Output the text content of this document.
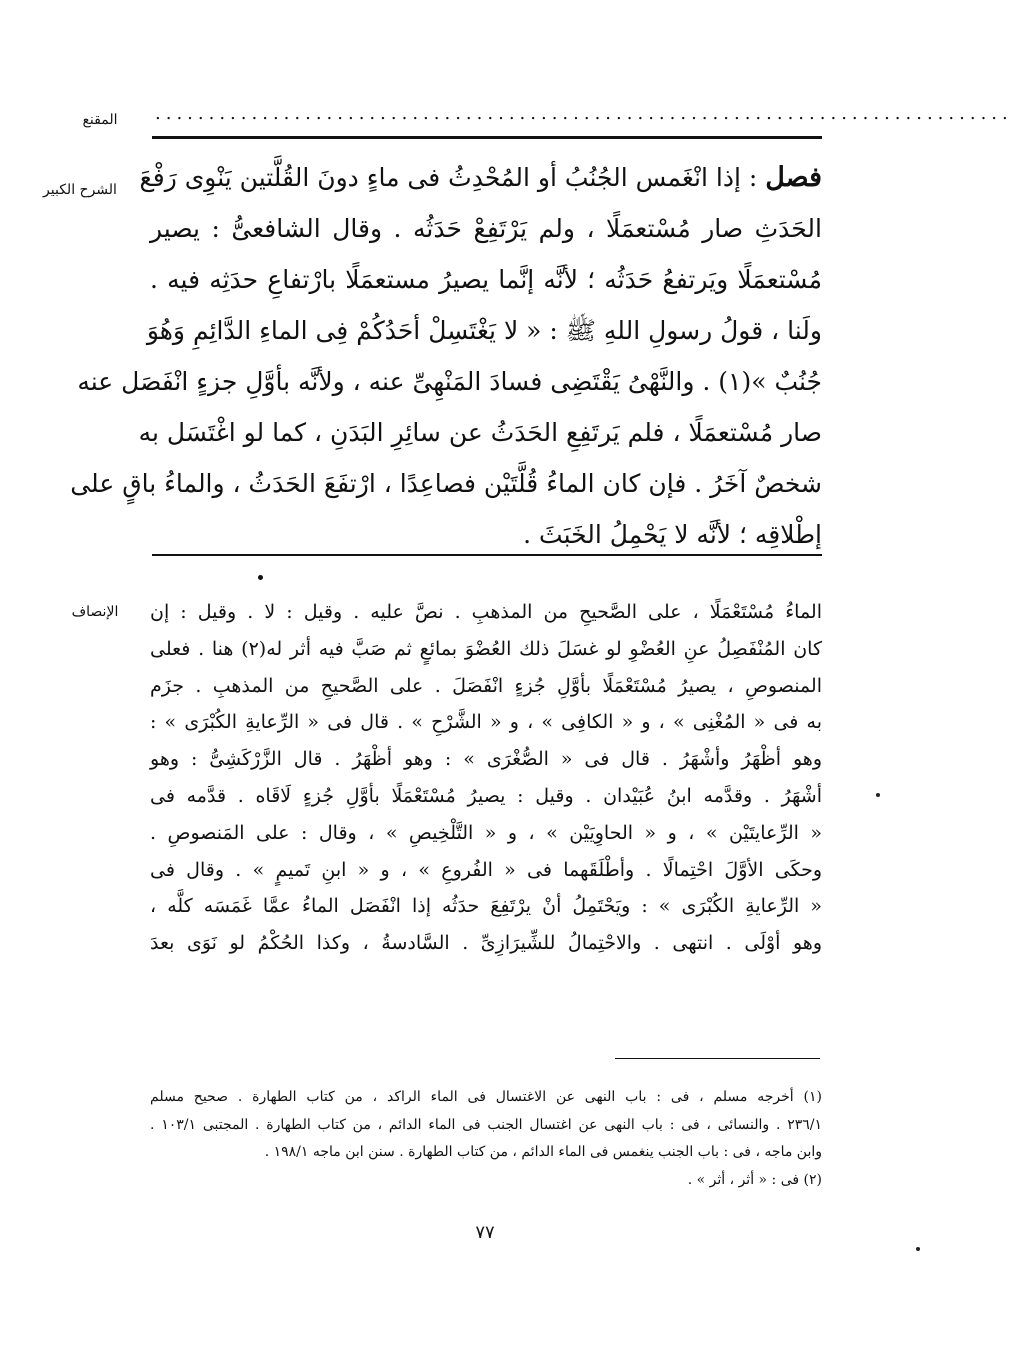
المقنع	................................................................................
الشرح الكبير	فصل : إذا انْغَمس الجُنُبُ أو المُحْدِثُ فى ماءٍ دونَ القُلَّتين يَنْوِى رَفْعَ
الحَدَثِ صار مُسْتعمَلًا ، ولم يَرْتَفِعْ حَدَثُه . وقال الشافعىُّ : يصير
مُسْتعمَلًا ويَرتفعُ حَدَثُه ؛ لأنَّه إنَّما يصيرُ مستعمَلًا بارْتفاعِ حدَثِه فيه .
ولَنا ، قولُ رسولِ اللهِ ﷺ : « لا يَغْتَسِلْ أحَدُكُمْ فِى الماءِ الدَّائِمِ وَهُوَ
جُنُبٌ »(١) . والنَّهْىُ يَقْتَضِى فسادَ المَنْهِىِّ عنه ، ولأنَّه بأوَّلِ جزءٍ انْفَصَل عنه
صار مُسْتعمَلًا ، فلم يَرتَفِعِ الحَدَثُ عن سائِرِ البَدَنِ ، كما لو اغْتَسَل به
شخصٌ آخَرُ . فإن كان الماءُ قُلَّتَيْن فصاعِدًا ، ارْتفَعَ الحَدَثُ ، والماءُ باقٍ على
إطْلاقِه ؛ لأنَّه لا يَحْمِلُ الخَبَثَ .
الإنصاف	الماءُ مُسْتَعْمَلًا ، على الصَّحيحِ من المذهبِ . نصَّ عليه . وقيل : لا . وقيل : إن
كان المُنْفَصِلُ عنِ العُضْوِ لو غسَلَ ذلك العُضْوَ بمائعٍ ثم صَبَّ فيه أثر له(٢) هنا . فعلى
المنصوصِ ، يصيرُ مُسْتَعْمَلًا بأوَّلِ جُزءٍ انْفَصَلَ . على الصَّحيحِ من المذهبِ . جزَم
به فى « المُغْنِى » ، و « الكافِى » ، و « الشَّرْحِ » . قال فى « الرِّعايةِ الكُبْرَى » :
وهو أظْهَرُ وأشْهَرُ . قال فى « الصُّغْرَى » : وهو أظْهَرُ . قال الزَّرْكَشِىُّ : وهو
أشْهَرُ . وقدَّمه ابنُ عُبَيْدان . وقيل : يصيرُ مُسْتَعْمَلًا بأوَّلِ جُزءٍ لَاقَاه . قدَّمه فى
« الرِّعايتَيْن » ، و « الحاوِيَيْن » ، و « التَّلْخِيصِ » ، وقال : على المَنصوصِ .
وحكَى الأوَّلَ احْتِمالًا . وأطْلَقَهما فى « الفُروعِ » ، و « ابنِ تَميمٍ » . وقال فى
« الرِّعايةِ الكُبْرَى » : ويَحْتَمِلُ أنْ يرْتَفِعَ حدَثُه إذا انْفَصَل الماءُ عمَّا غَمَسَه كلَّه ،
وهو أوْلَى . انتهى . والاحْتِمالُ للشِّيرَازِىِّ . السَّادسةُ ، وكذا الحُكْمُ لو نَوَى بعدَ
(١) أخرجه مسلم ، فى : باب النهى عن الاغتسال فى الماء الراكد ، من كتاب الطهارة . صحيح مسلم
٢٣٦/١ . والنسائى ، فى : باب النهى عن اغتسال الجنب فى الماء الدائم ، من كتاب الطهارة . المجتبى ١٠٣/١ .
وابن ماجه ، فى : باب الجنب ينغمس فى الماء الدائم ، من كتاب الطهارة . سنن ابن ماجه ١٩٨/١ .
(٢) فى : « أثر ، أثر » .
٧٧
